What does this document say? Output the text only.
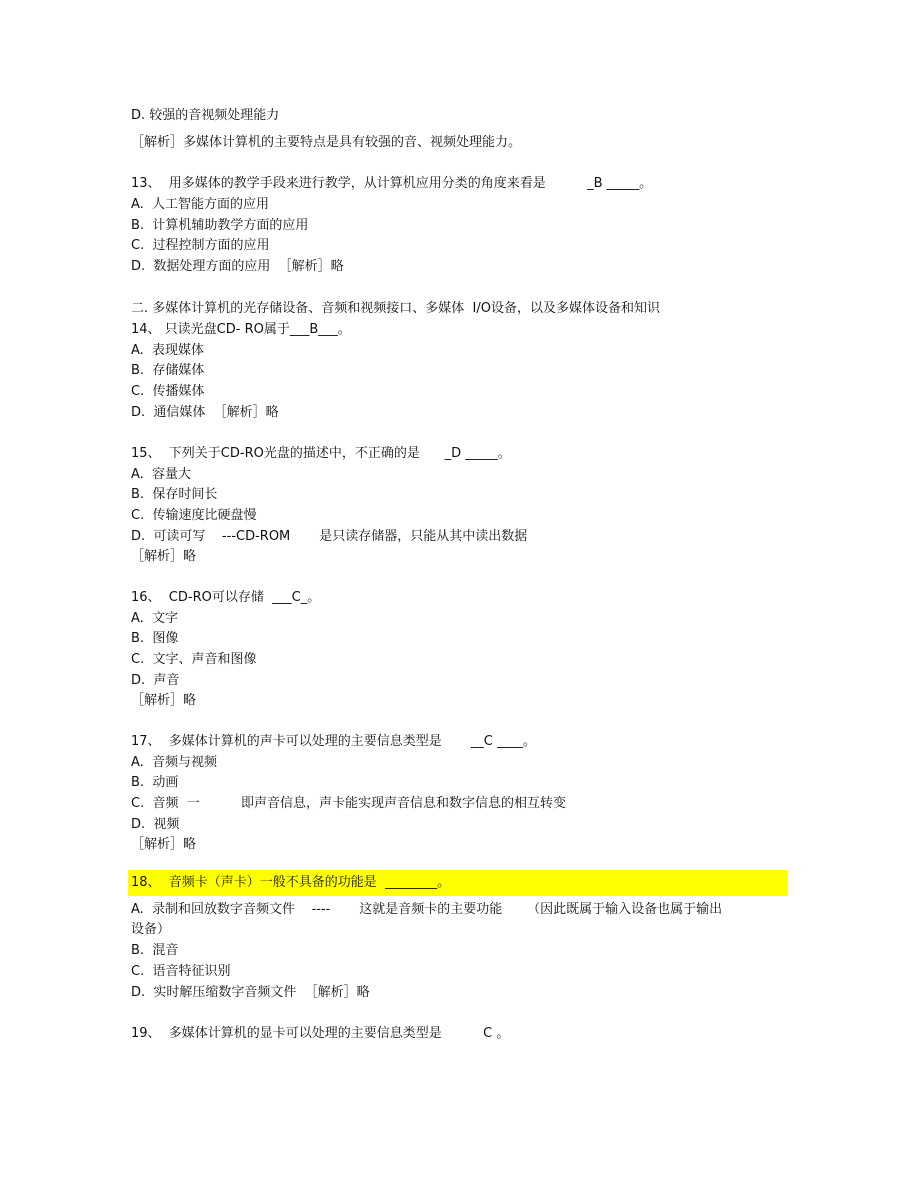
D. 较强的音视频处理能力
［解析］多媒体计算机的主要特点是具有较强的音、视频处理能力。
13、  用多媒体的教学手段来进行教学，从计算机应用分类的角度来看是          _B _____。
A.  人工智能方面的应用
B.  计算机辅助教学方面的应用
C.  过程控制方面的应用
D.  数据处理方面的应用  ［解析］略
二. 多媒体计算机的光存储设备、音频和视频接口、多媒体  I/O设备，以及多媒体设备和知识
14、 只读光盘CD- RO属于___B___。
A.  表现媒体
B.  存储媒体
C.  传播媒体
D.  通信媒体  ［解析］略
15、  下列关于CD-RO光盘的描述中，不正确的是      _D _____。
A.  容量大
B.  保存时间长
C.  传输速度比硬盘慢
D.  可读可写    ---CD-ROM       是只读存储器，只能从其中读出数据
［解析］略
16、  CD-RO可以存储  ___C_。
A.  文字
B.  图像
C.  文字、声音和图像
D.  声音
［解析］略
17、  多媒体计算机的声卡可以处理的主要信息类型是       __C ____。
A.  音频与视频
B.  动画
C.  音频  一          即声音信息，声卡能实现声音信息和数字信息的相互转变
D.  视频
［解析］略
18、  音频卡（声卡）一般不具备的功能是  ________。
A.  录制和回放数字音频文件    ----       这就是音频卡的主要功能      （因此既属于输入设备也属于输出
设备）
B.  混音
C.  语音特征识别
D.  实时解压缩数字音频文件  ［解析］略
19、  多媒体计算机的显卡可以处理的主要信息类型是          C 。
